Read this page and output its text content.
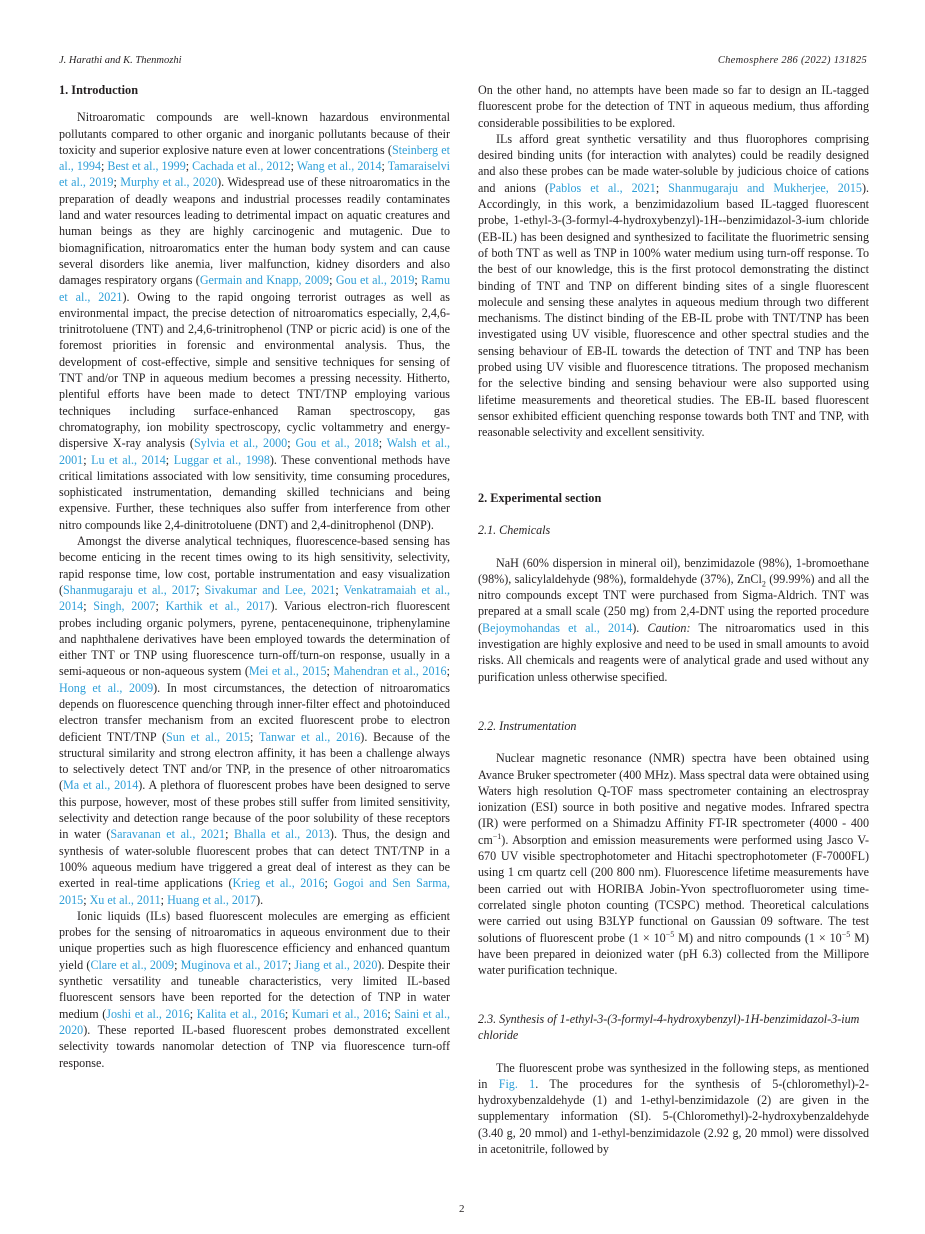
J. Harathi and K. Thenmozhi	Chemosphere 286 (2022) 131825

1. Introduction

Nitroaromatic compounds are well-known hazardous environmental pollutants compared to other organic and inorganic pollutants because of their toxicity and superior explosive nature even at lower concentrations (Steinberg et al., 1994; Best et al., 1999; Cachada et al., 2012; Wang et al., 2014; Tamaraiselvi et al., 2019; Murphy et al., 2020). Widespread use of these nitroaromatics in the preparation of deadly weapons and industrial processes readily contaminates land and water resources leading to detrimental impact on aquatic creatures and human beings as they are highly carcinogenic and mutagenic. Due to biomagnification, nitroaromatics enter the human body system and can cause several disorders like anemia, liver malfunction, kidney disorders and also damages respiratory organs (Germain and Knapp, 2009; Gou et al., 2019; Ramu et al., 2021). Owing to the rapid ongoing terrorist outrages as well as environmental impact, the precise detection of nitroaromatics especially, 2,4,6-trinitrotoluene (TNT) and 2,4,6-trinitrophenol (TNP or picric acid) is one of the foremost priorities in forensic and environmental analysis. Thus, the development of cost-effective, simple and sensitive techniques for sensing of TNT and/or TNP in aqueous medium becomes a pressing necessity. Hitherto, plentiful efforts have been made to detect TNT/TNP employing various techniques including surface-enhanced Raman spectroscopy, gas chromatography, ion mobility spectroscopy, cyclic voltammetry and energy-dispersive X-ray analysis (Sylvia et al., 2000; Gou et al., 2018; Walsh et al., 2001; Lu et al., 2014; Luggar et al., 1998). These conventional methods have critical limitations associated with low sensitivity, time consuming procedures, sophisticated instrumentation, demanding skilled technicians and being expensive. Further, these techniques also suffer from interference from other nitro compounds like 2,4-dinitrotoluene (DNT) and 2,4-dinitrophenol (DNP).

Amongst the diverse analytical techniques, fluorescence-based sensing has become enticing in the recent times owing to its high sensitivity, selectivity, rapid response time, low cost, portable instrumentation and easy visualization (Shanmugaraju et al., 2017; Sivakumar and Lee, 2021; Venkatramaiah et al., 2014; Singh, 2007; Karthik et al., 2017). Various electron-rich fluorescent probes including organic polymers, pyrene, pentacenequinone, triphenylamine and naphthalene derivatives have been employed towards the determination of either TNT or TNP using fluorescence turn-off/turn-on response, usually in a semi-aqueous or non-aqueous system (Mei et al., 2015; Mahendran et al., 2016; Hong et al., 2009). In most circumstances, the detection of nitroaromatics depends on fluorescence quenching through inner-filter effect and photoinduced electron transfer mechanism from an excited fluorescent probe to electron deficient TNT/TNP (Sun et al., 2015; Tanwar et al., 2016). Because of the structural similarity and strong electron affinity, it has been a challenge always to selectively detect TNT and/or TNP, in the presence of other nitroaromatics (Ma et al., 2014). A plethora of fluorescent probes have been designed to serve this purpose, however, most of these probes still suffer from limited sensitivity, selectivity and detection range because of the poor solubility of these receptors in water (Saravanan et al., 2021; Bhalla et al., 2013). Thus, the design and synthesis of water-soluble fluorescent probes that can detect TNT/TNP in a 100% aqueous medium have triggered a great deal of interest as they can be exerted in real-time applications (Krieg et al., 2016; Gogoi and Sen Sarma, 2015; Xu et al., 2011; Huang et al., 2017).

Ionic liquids (ILs) based fluorescent molecules are emerging as efficient probes for the sensing of nitroaromatics in aqueous environment due to their unique properties such as high fluorescence efficiency and enhanced quantum yield (Clare et al., 2009; Muginova et al., 2017; Jiang et al., 2020). Despite their synthetic versatility and tuneable characteristics, very limited IL-based fluorescent sensors have been reported for the detection of TNP in water medium (Joshi et al., 2016; Kalita et al., 2016; Kumari et al., 2016; Saini et al., 2020). These reported IL-based fluorescent probes demonstrated excellent selectivity towards nanomolar detection of TNP via fluorescence turn-off response.

On the other hand, no attempts have been made so far to design an IL-tagged fluorescent probe for the detection of TNT in aqueous medium, thus affording considerable possibilities to be explored.

ILs afford great synthetic versatility and thus fluorophores comprising desired binding units (for interaction with analytes) could be readily designed and also these probes can be made water-soluble by judicious choice of cations and anions (Pablos et al., 2021; Shanmugaraju and Mukherjee, 2015). Accordingly, in this work, a benzimidazolium based IL-tagged fluorescent probe, 1-ethyl-3-(3-formyl-4-hydroxybenzyl)-1H--benzimidazol-3-ium chloride (EB-IL) has been designed and synthesized to facilitate the fluorimetric sensing of both TNT as well as TNP in 100% water medium using turn-off response. To the best of our knowledge, this is the first protocol demonstrating the distinct binding of TNT and TNP on different binding sites of a single fluorescent molecule and sensing these analytes in aqueous medium through two different mechanisms. The distinct binding of the EB-IL probe with TNT/TNP has been investigated using UV visible, fluorescence and other spectral studies and the sensing behaviour of EB-IL towards the detection of TNT and TNP has been probed using UV visible and fluorescence titrations. The proposed mechanism for the selective binding and sensing behaviour were also supported using lifetime measurements and theoretical studies. The EB-IL based fluorescent sensor exhibited efficient quenching response towards both TNT and TNP, with reasonable selectivity and excellent sensitivity.

2. Experimental section

2.1. Chemicals

NaH (60% dispersion in mineral oil), benzimidazole (98%), 1-bromoethane (98%), salicylaldehyde (98%), formaldehyde (37%), ZnCl$_2$ (99.99%) and all the nitro compounds except TNT were purchased from Sigma-Aldrich. TNT was prepared at a small scale (250 mg) from 2,4-DNT using the reported procedure (Bejoymohandas et al., 2014). Caution: The nitroaromatics used in this investigation are highly explosive and need to be used in small amounts to avoid risks. All chemicals and reagents were of analytical grade and used without any purification unless otherwise specified.

2.2. Instrumentation

Nuclear magnetic resonance (NMR) spectra have been obtained using Avance Bruker spectrometer (400 MHz). Mass spectral data were obtained using Waters high resolution Q-TOF mass spectrometer containing an electrospray ionization (ESI) source in both positive and negative modes. Infrared spectra (IR) were performed on a Shimadzu Affinity FT-IR spectrometer (4000 - 400 $cm^{-1}$). Absorption and emission measurements were performed using Jasco V-670 UV visible spectrophotometer and Hitachi spectrophotometer (F-7000FL) using 1 cm quartz cell (200 800 nm). Fluorescence lifetime measurements have been carried out with HORIBA Jobin-Yvon spectrofluorometer using time-correlated single photon counting (TCSPC) method. Theoretical calculations were carried out using B3LYP functional on Gaussian 09 software. The test solutions of fluorescent probe ($1 \times 10^{-5}$ M) and nitro compounds ($1 \times 10^{-5}$ M) have been prepared in deionized water (pH 6.3) collected from the Millipore water purification technique.

2.3. Synthesis of 1-ethyl-3-(3-formyl-4-hydroxybenzyl)-1H-benzimidazol-3-ium chloride

The fluorescent probe was synthesized in the following steps, as mentioned in Fig. 1. The procedures for the synthesis of 5-(chloromethyl)-2-hydroxybenzaldehyde (1) and 1-ethyl-benzimidazole (2) are given in the supplementary information (SI). 5-(Chloromethyl)-2-hydroxybenzaldehyde (3.40 g, 20 mmol) and 1-ethyl-benzimidazole (2.92 g, 20 mmol) were dissolved in acetonitrile, followed by

2
